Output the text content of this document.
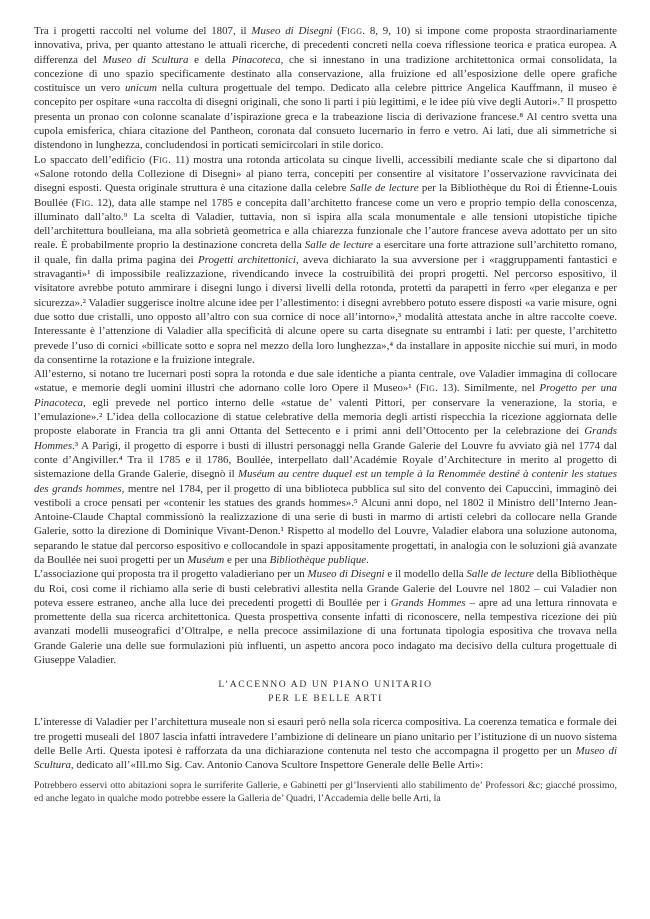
Tra i progetti raccolti nel volume del 1807, il Museo di Disegni (Figg. 8, 9, 10) si impone come proposta straordinariamente innovativa, priva, per quanto attestano le attuali ricerche, di precedenti concreti nella coeva riflessione teorica e pratica europea. A differenza del Museo di Scultura e della Pinacoteca, che si innestano in una tradizione architettonica ormai consolidata, la concezione di uno spazio specificamente destinato alla conservazione, alla fruizione ed all’esposizione delle opere grafiche costituisce un vero unicum nella cultura progettuale del tempo. Dedicato alla celebre pittrice Angelica Kauffmann, il museo è concepito per ospitare «una raccolta di disegni originali, che sono li parti i più legittimi, e le idee più vive degli Autori».⁷ Il prospetto presenta un pronao con colonne scanalate d’ispirazione greca e la trabeazione liscia di derivazione francese.⁸ Al centro svetta una cupola emisferica, chiara citazione del Pantheon, coronata dal consueto lucernario in ferro e vetro. Ai lati, due ali simmetriche si distendono in lunghezza, concludendosi in porticati semicircolari in stile dorico.

Lo spaccato dell’edificio (Fig. 11) mostra una rotonda articolata su cinque livelli, accessibili mediante scale che si dipartono dal «Salone rotondo della Collezione di Disegni» al piano terra, concepiti per consentire al visitatore l’osservazione ravvicinata dei disegni esposti. Questa originale struttura è una citazione dalla celebre Salle de lecture per la Bibliothèque du Roi di Étienne-Louis Boullée (Fig. 12), data alle stampe nel 1785 e concepita dall’architetto francese come un vero e proprio tempio della conoscenza, illuminato dall’alto.⁹ La scelta di Valadier, tuttavia, non si ispira alla scala monumentale e alle tensioni utopistiche tipiche dell’architettura boulleiana, ma alla sobrietà geometrica e alla chiarezza funzionale che l’autore francese aveva adottato per un sito reale. È probabilmente proprio la destinazione concreta della Salle de lecture a esercitare una forte attrazione sull’architetto romano, il quale, fin dalla prima pagina dei Progetti architettonici, aveva dichiarato la sua avversione per i «raggruppamenti fantastici e stravaganti»¹ di impossibile realizzazione, rivendicando invece la costruibilità dei propri progetti. Nel percorso espositivo, il visitatore avrebbe potuto ammirare i disegni lungo i diversi livelli della rotonda, protetti da parapetti in ferro «per eleganza e per sicurezza».² Valadier suggerisce inoltre alcune idee per l’allestimento: i disegni avrebbero potuto essere disposti «a varie misure, ogni due sotto due cristalli, uno opposto all’altro con sua cornice di noce all’intorno»,³ modalità attestata anche in altre raccolte coeve. Interessante è l’attenzione di Valadier alla specificità di alcune opere su carta disegnate su entrambi i lati: per queste, l’architetto prevede l’uso di cornici «billicate sotto e sopra nel mezzo della loro lunghezza»,⁴ da installare in apposite nicchie sui muri, in modo da consentirne la rotazione e la fruizione integrale.

All’esterno, si notano tre lucernari posti sopra la rotonda e due sale identiche a pianta centrale, ove Valadier immagina di collocare «statue, e memorie degli uomini illustri che adornano colle loro Opere il Museo»¹ (Fig. 13). Similmente, nel Progetto per una Pinacoteca, egli prevede nel portico interno delle «statue de’ valenti Pittori, per conservare la venerazione, la storia, e l’emulazione».² L’idea della collocazione di statue celebrative della memoria degli artisti rispecchia la ricezione aggiornata delle proposte elaborate in Francia tra gli anni Ottanta del Settecento e i primi anni dell’Ottocento per la celebrazione dei Grands Hommes.³ A Parigi, il progetto di esporre i busti di illustri personaggi nella Grande Galerie del Louvre fu avviato già nel 1774 dal conte d’Angiviller.⁴ Tra il 1785 e il 1786, Boullée, interpellato dall’Académie Royale d’Architecture in merito al progetto di sistemazione della Grande Galerie, disegnò il Muséum au centre duquel est un temple à la Renommée destiné à contenir les statues des grands hommes, mentre nel 1784, per il progetto di una biblioteca pubblica sul sito del convento dei Capuccini, immaginò dei vestiboli a croce pensati per «contenir les statues des grands hommes».⁵ Alcuni anni dopo, nel 1802 il Ministro dell’Interno Jean-Antoine-Claude Chaptal commissionò la realizzazione di una serie di busti in marmo di artisti celebri da collocare nella Grande Galerie, sotto la direzione di Dominique Vivant-Denon.¹ Rispetto al modello del Louvre, Valadier elabora una soluzione autonoma, separando le statue dal percorso espositivo e collocandole in spazi appositamente progettati, in analogia con le soluzioni già avanzate da Boullée nei suoi progetti per un Muséum e per una Bibliothèque publique.

L’associazione qui proposta tra il progetto valadieriano per un Museo di Disegni e il modello della Salle de lecture della Bibliothèque du Roi, così come il richiamo alla serie di busti celebrativi allestita nella Grande Galerie del Louvre nel 1802 – cui Valadier non poteva essere estraneo, anche alla luce dei precedenti progetti di Boullée per i Grands Hommes – apre ad una lettura rinnovata e promettente della sua ricerca architettonica. Questa prospettiva consente infatti di riconoscere, nella tempestiva ricezione dei più avanzati modelli museografici d’Oltralpe, e nella precoce assimilazione di una fortunata tipologia espositiva che trovava nella Grande Galerie una delle sue formulazioni più influenti, un aspetto ancora poco indagato ma decisivo della cultura progettuale di Giuseppe Valadier.

L’ACCENNO AD UN PIANO UNITARIO

PER LE BELLE ARTI

L’interesse di Valadier per l’architettura museale non si esaurì però nella sola ricerca compositiva. La coerenza tematica e formale dei tre progetti museali del 1807 lascia infatti intravedere l’ambizione di delineare un piano unitario per l’istituzione di un nuovo sistema delle Belle Arti. Questa ipotesi è rafforzata da una dichiarazione contenuta nel testo che accompagna il progetto per un Museo di Scultura, dedicato all’«Ill.mo Sig. Cav. Antonio Canova Scultore Inspettore Generale delle Belle Arti»:

Potrebbero esservi otto abitazioni sopra le surriferite Gallerie, e Gabinetti per gl’Inservienti allo stabilimento de’ Professori &c; giacché prossimo, ed anche legato in qualche modo potrebbe essere la Galleria de’ Quadri, l’Accademia delle belle Arti, la
